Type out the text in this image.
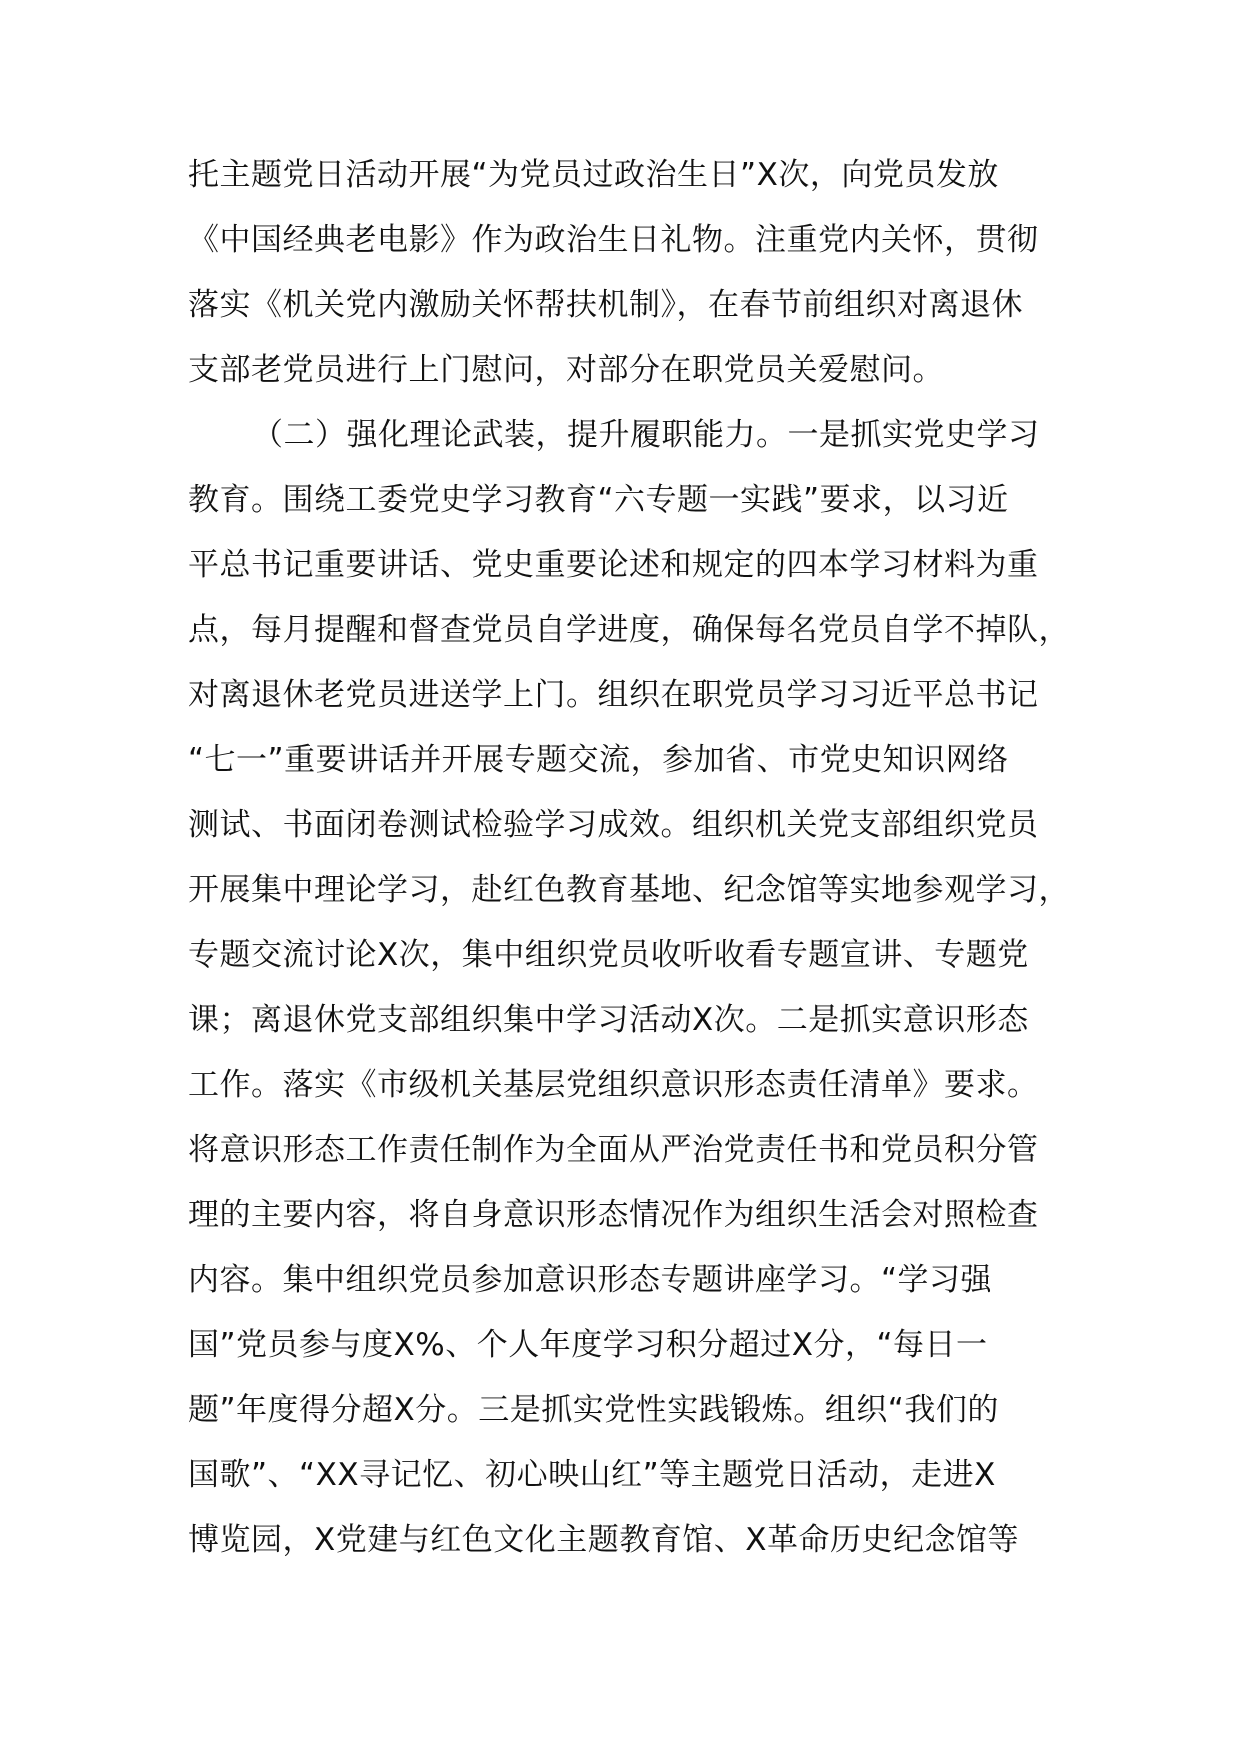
托主题党日活动开展“为党员过政治生日”X次，向党员发放
《中国经典老电影》作为政治生日礼物。注重党内关怀，贯彻
落实《机关党内激励关怀帮扶机制》，在春节前组织对离退休
支部老党员进行上门慰问，对部分在职党员关爱慰问。
（二）强化理论武装，提升履职能力。一是抓实党史学习
教育。围绕工委党史学习教育“六专题一实践”要求，以习近
平总书记重要讲话、党史重要论述和规定的四本学习材料为重
点，每月提醒和督查党员自学进度，确保每名党员自学不掉队，
对离退休老党员进送学上门。组织在职党员学习习近平总书记
“七一”重要讲话并开展专题交流，参加省、市党史知识网络
测试、书面闭卷测试检验学习成效。组织机关党支部组织党员
开展集中理论学习，赴红色教育基地、纪念馆等实地参观学习，
专题交流讨论X次，集中组织党员收听收看专题宣讲、专题党
课；离退休党支部组织集中学习活动X次。二是抓实意识形态
工作。落实《市级机关基层党组织意识形态责任清单》要求。
将意识形态工作责任制作为全面从严治党责任书和党员积分管
理的主要内容，将自身意识形态情况作为组织生活会对照检查
内容。集中组织党员参加意识形态专题讲座学习。“学习强
国”党员参与度X%、个人年度学习积分超过X分，“每日一
题”年度得分超X分。三是抓实党性实践锻炼。组织“我们的
国歌”、“XX寻记忆、初心映山红”等主题党日活动，走进X
博览园，X党建与红色文化主题教育馆、X革命历史纪念馆等
